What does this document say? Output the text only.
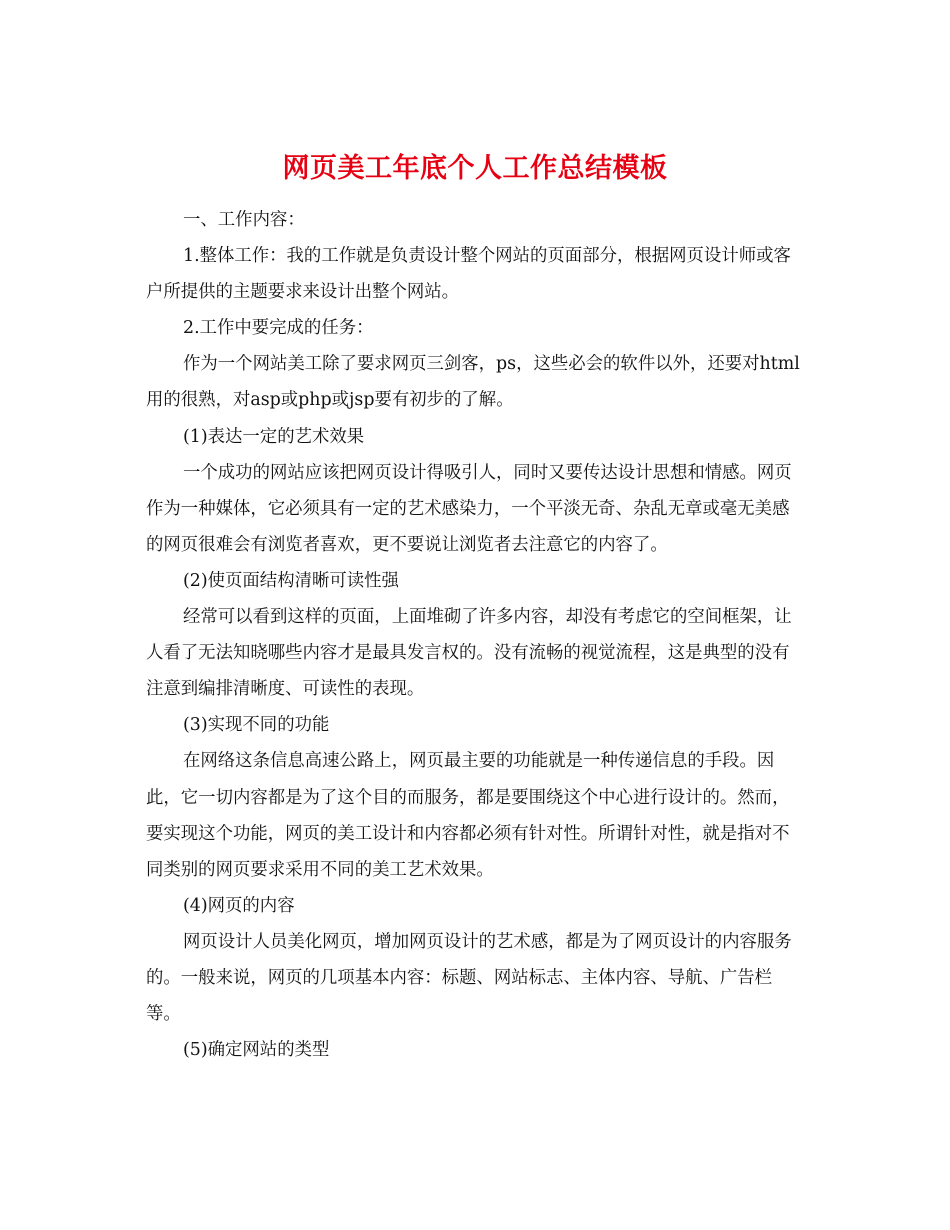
网页美工年底个人工作总结模板

一、工作内容：

1.整体工作：我的工作就是负责设计整个网站的页面部分，根据网页设计师或客户所提供的主题要求来设计出整个网站。

2.工作中要完成的任务：

作为一个网站美工除了要求网页三剑客，ps，这些必会的软件以外，还要对html用的很熟，对asp或php或jsp要有初步的了解。

(1)表达一定的艺术效果

一个成功的网站应该把网页设计得吸引人，同时又要传达设计思想和情感。网页作为一种媒体，它必须具有一定的艺术感染力，一个平淡无奇、杂乱无章或毫无美感的网页很难会有浏览者喜欢，更不要说让浏览者去注意它的内容了。

(2)使页面结构清晰可读性强

经常可以看到这样的页面，上面堆砌了许多内容，却没有考虑它的空间框架，让人看了无法知晓哪些内容才是最具发言权的。没有流畅的视觉流程，这是典型的没有注意到编排清晰度、可读性的表现。

(3)实现不同的功能

在网络这条信息高速公路上，网页最主要的功能就是一种传递信息的手段。因此，它一切内容都是为了这个目的而服务，都是要围绕这个中心进行设计的。然而，要实现这个功能，网页的美工设计和内容都必须有针对性。所谓针对性，就是指对不同类别的网页要求采用不同的美工艺术效果。

(4)网页的内容

网页设计人员美化网页，增加网页设计的艺术感，都是为了网页设计的内容服务的。一般来说，网页的几项基本内容：标题、网站标志、主体内容、导航、广告栏等。

(5)确定网站的类型
